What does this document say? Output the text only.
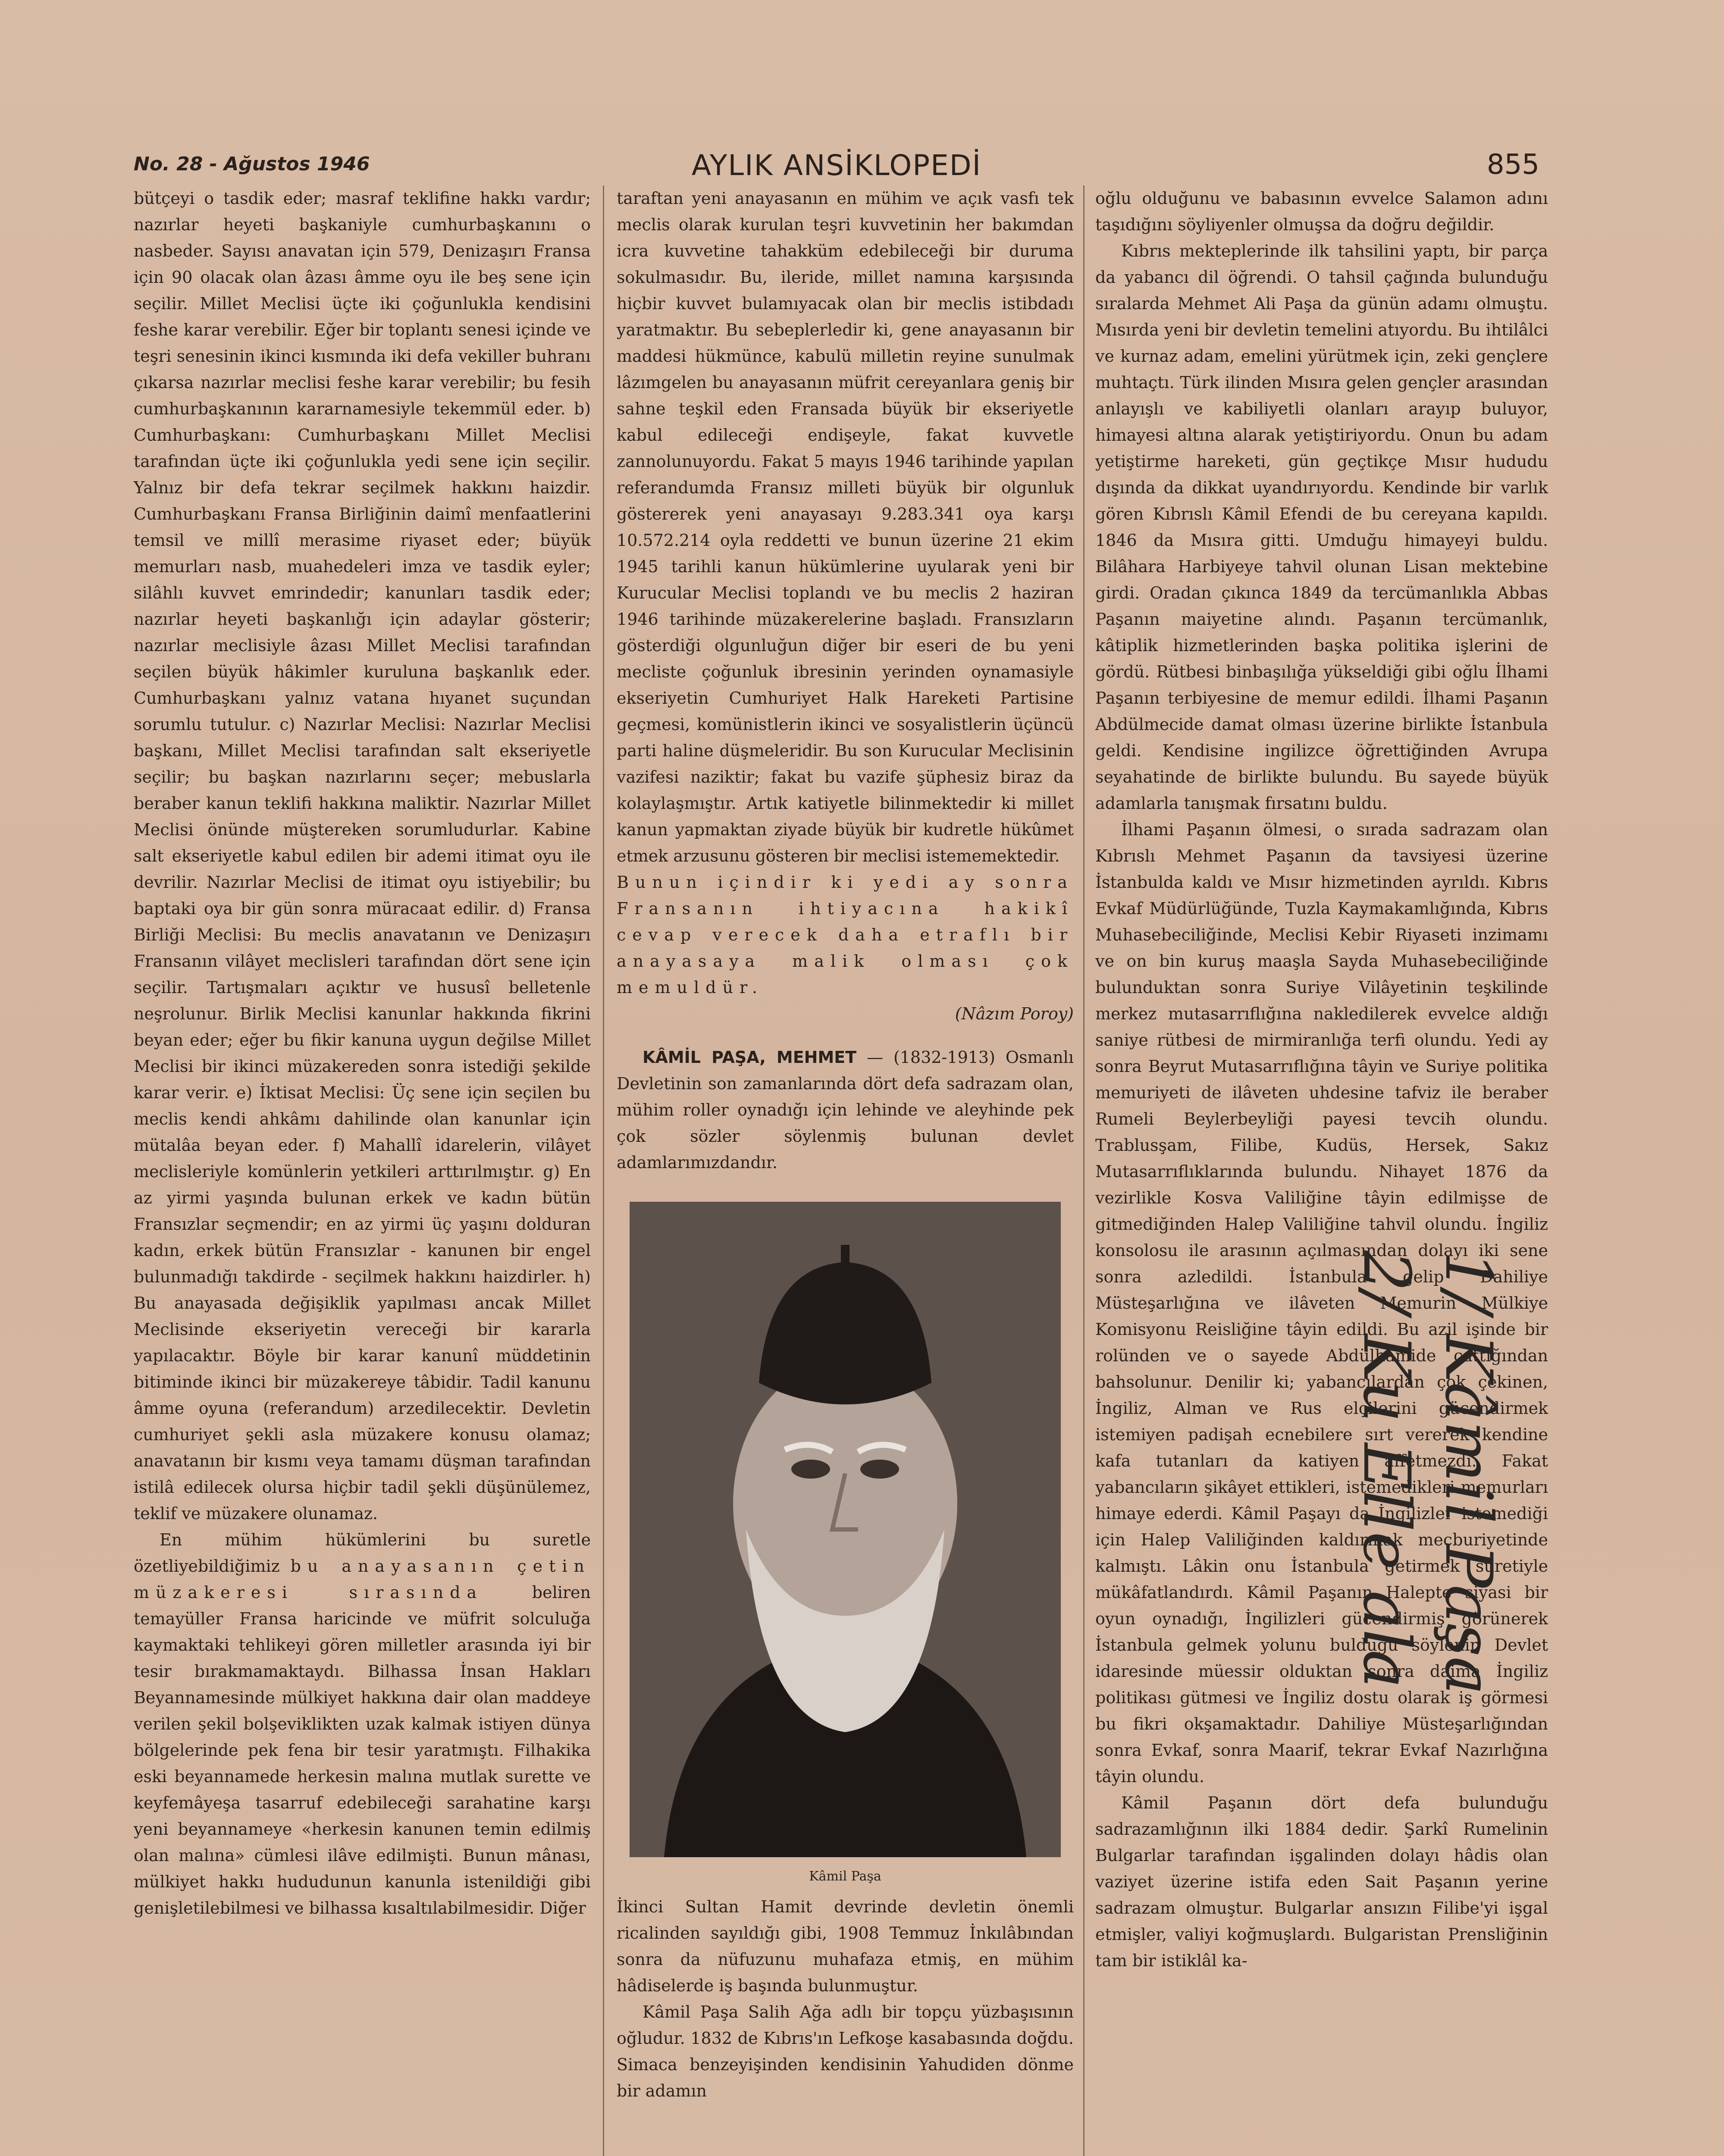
No. 28 - Ağustos 1946	AYLIK ANSİKLOPEDİ	855

bütçeyi o tasdik eder; masraf teklifine hakkı vardır; nazırlar heyeti başkaniyle cumhurbaşkanını o nasbeder. Sayısı anavatan için 579, Denizaşırı Fransa için 90 olacak olan âzası âmme oyu ile beş sene için seçilir. Millet Meclisi üçte iki çoğunlukla kendisini feshe karar verebilir. Eğer bir toplantı senesi içinde ve teşri senesinin ikinci kısmında iki defa vekiller buhranı çıkarsa nazırlar meclisi feshe karar verebilir; bu fesih cumhurbaşkanının kararnamesiyle tekemmül eder. b) Cumhurbaşkanı: Cumhurbaşkanı Millet Meclisi tarafından üçte iki çoğunlukla yedi sene için seçilir. Yalnız bir defa tekrar seçilmek hakkını haizdir. Cumhurbaşkanı Fransa Birliğinin daimî menfaatlerini temsil ve millî merasime riyaset eder; büyük memurları nasb, muahedeleri imza ve tasdik eyler; silâhlı kuvvet emrindedir; kanunları tasdik eder; nazırlar heyeti başkanlığı için adaylar gösterir; nazırlar meclisiyle âzası Millet Meclisi tarafından seçilen büyük hâkimler kuruluna başkanlık eder. Cumhurbaşkanı yalnız vatana hıyanet suçundan sorumlu tutulur. c) Nazırlar Meclisi: Nazırlar Meclisi başkanı, Millet Meclisi tarafından salt ekseriyetle seçilir; bu başkan nazırlarını seçer; mebuslarla beraber kanun teklifi hakkına maliktir. Nazırlar Millet Meclisi önünde müştereken sorumludurlar. Kabine salt ekseriyetle kabul edilen bir ademi itimat oyu ile devrilir. Nazırlar Meclisi de itimat oyu istiyebilir; bu baptaki oya bir gün sonra müracaat edilir. d) Fransa Birliği Meclisi: Bu meclis anavatanın ve Denizaşırı Fransanın vilâyet meclisleri tarafından dört sene için seçilir. Tartışmaları açıktır ve hususî belletenle neşrolunur. Birlik Meclisi kanunlar hakkında fikrini beyan eder; eğer bu fikir kanuna uygun değilse Millet Meclisi bir ikinci müzakereden sonra istediği şekilde karar verir. e) İktisat Meclisi: Üç sene için seçilen bu meclis kendi ahkâmı dahilinde olan kanunlar için mütalâa beyan eder. f) Mahallî idarelerin, vilâyet meclisleriyle komünlerin yetkileri arttırılmıştır. g) En az yirmi yaşında bulunan erkek ve kadın bütün Fransızlar seçmendir; en az yirmi üç yaşını dolduran kadın, erkek bütün Fransızlar - kanunen bir engel bulunmadığı takdirde - seçilmek hakkını haizdirler. h) Bu anayasada değişiklik yapılması ancak Millet Meclisinde ekseriyetin vereceği bir kararla yapılacaktır. Böyle bir karar kanunî müddetinin bitiminde ikinci bir müzakereye tâbidir. Tadil kanunu âmme oyuna (referandum) arzedilecektir. Devletin cumhuriyet şekli asla müzakere konusu olamaz; anavatanın bir kısmı veya tamamı düşman tarafından istilâ edilecek olursa hiçbir tadil şekli düşünülemez, teklif ve müzakere olunamaz.

En mühim hükümlerini bu suretle özetliyebildiğimiz bu anayasanın çetin müzakeresi sırasında	beliren temayüller Fransa haricinde ve müfrit solculuğa kaymaktaki tehlikeyi gören milletler arasında iyi bir tesir bırakmamaktaydı. Bilhassa İnsan Hakları Beyannamesinde mülkiyet hakkına dair olan maddeye verilen şekil bolşeviklikten uzak kalmak istiyen dünya bölgelerinde pek fena bir tesir yaratmıştı. Filhakika eski beyannamede herkesin malına mutlak surette ve keyfemâyeşa tasarruf edebileceği sarahatine karşı yeni beyannameye «herkesin kanunen temin edilmiş olan malına» cümlesi ilâve edilmişti. Bunun mânası, mülkiyet hakkı hududunun kanunla istenildiği gibi genişletilebilmesi ve bilhassa kısaltılabilmesidir. Diğer

taraftan yeni anayasanın en mühim ve açık vasfı tek meclis olarak kurulan teşri kuvvetinin her bakımdan icra kuvvetine tahakküm edebileceği bir duruma sokulmasıdır. Bu, ileride, millet namına karşısında hiçbir kuvvet bulamıyacak olan bir meclis istibdadı yaratmaktır. Bu sebeplerledir ki, gene anayasanın bir maddesi hükmünce, kabulü milletin reyine sunulmak lâzımgelen bu anayasanın müfrit cereyanlara geniş bir sahne teşkil eden Fransada büyük bir ekseriyetle kabul edileceği endişeyle, fakat kuvvetle zannolunuyordu. Fakat 5 mayıs 1946 tarihinde yapılan referandumda Fransız milleti büyük bir olgunluk göstererek yeni anayasayı 9.283.341 oya karşı 10.572.214 oyla reddetti ve bunun üzerine 21 ekim 1945 tarihli kanun hükümlerine uyularak yeni bir Kurucular Meclisi toplandı ve bu meclis 2 haziran 1946 tarihinde müzakerelerine başladı. Fransızların gösterdiği olgunluğun diğer bir eseri de bu yeni mecliste çoğunluk ibresinin yerinden oynamasiyle ekseriyetin Cumhuriyet Halk Hareketi Partisine geçmesi, komünistlerin ikinci ve sosyalistlerin üçüncü parti haline düşmeleridir. Bu son Kurucular Meclisinin vazifesi naziktir; fakat bu vazife şüphesiz biraz da kolaylaşmıştır. Artık katiyetle bilinmektedir ki millet kanun yapmaktan ziyade büyük bir kudretle hükûmet etmek arzusunu gösteren bir meclisi istememektedir.

Bunun içindir ki yedi ay sonra Fransanın ihtiyacına hakikî cevap verecek daha etraflı bir anayasaya malik olması çok memuldür.

(Nâzım Poroy)

KÂMİL PAŞA, MEHMET — (1832-1913) Osmanlı Devletinin son zamanlarında dört defa sadrazam olan, mühim roller oynadığı için lehinde ve aleyhinde pek çok sözler söylenmiş bulunan devlet adamlarımızdandır.

Kâmil Paşa

İkinci Sultan Hamit devrinde devletin önemli ricalinden sayıldığı gibi, 1908 Temmuz İnkılâbından sonra da nüfuzunu muhafaza etmiş, en mühim hâdiselerde iş başında bulunmuştur.

Kâmil Paşa Salih Ağa adlı bir topçu yüzbaşısının oğludur. 1832 de Kıbrıs'ın Lefkoşe kasabasında doğdu. Simaca benzeyişinden kendisinin Yahudiden dönme bir adamın

oğlu olduğunu ve babasının evvelce Salamon adını taşıdığını söyliyenler olmuşsa da doğru değildir.

Kıbrıs mekteplerinde ilk tahsilini yaptı, bir parça da yabancı dil öğrendi. O tahsil çağında bulunduğu sıralarda Mehmet Ali Paşa da günün adamı olmuştu. Mısırda yeni bir devletin temelini atıyordu. Bu ihtilâlci ve kurnaz adam, emelini yürütmek için, zeki gençlere muhtaçtı. Türk ilinden Mısıra gelen gençler arasından anlayışlı ve kabiliyetli olanları arayıp buluyor, himayesi altına alarak yetiştiriyordu. Onun bu adam yetiştirme hareketi, gün geçtikçe Mısır hududu dışında da dikkat uyandırıyordu. Kendinde bir varlık gören Kıbrıslı Kâmil Efendi de bu cereyana kapıldı. 1846 da Mısıra gitti. Umduğu himayeyi buldu. Bilâhara Harbiyeye tahvil olunan Lisan mektebine girdi. Oradan çıkınca 1849 da tercümanlıkla Abbas Paşanın maiyetine alındı. Paşanın tercümanlık, kâtiplik hizmetlerinden başka politika işlerini de gördü. Rütbesi binbaşılığa yükseldiği gibi oğlu İlhami Paşanın terbiyesine de memur edildi. İlhami Paşanın Abdülmecide damat olması üzerine birlikte İstanbula geldi. Kendisine ingilizce öğrettiğinden Avrupa seyahatinde de birlikte bulundu. Bu sayede büyük adamlarla tanışmak fırsatını buldu.

İlhami Paşanın ölmesi, o sırada sadrazam olan Kıbrıslı Mehmet Paşanın da tavsiyesi üzerine İstanbulda kaldı ve Mısır hizmetinden ayrıldı. Kıbrıs Evkaf Müdürlüğünde, Tuzla Kaymakamlığında, Kıbrıs Muhasebeciliğinde, Meclisi Kebir Riyaseti inzimamı ve on bin kuruş maaşla Sayda Muhasebeciliğinde bulunduktan sonra Suriye Vilâyetinin teşkilinde merkez mutasarrıflığına nakledilerek evvelce aldığı saniye rütbesi de mirmiranlığa terfi olundu. Yedi ay sonra Beyrut Mutasarrıflığına tâyin ve Suriye politika memuriyeti de ilâveten uhdesine tafviz ile beraber Rumeli Beylerbeyliği payesi tevcih olundu. Trablusşam, Filibe, Kudüs, Hersek, Sakız Mutasarrıflıklarında bulundu. Nihayet 1876 da vezirlikle Kosva Valiliğine tâyin edilmişse de gitmediğinden Halep Valiliğine tahvil olundu. İngiliz konsolosu ile arasının açılmasından dolayı iki sene sonra azledildi. İstanbula gelip Dahiliye Müsteşarlığına ve ilâveten Memurin Mülkiye Komisyonu Reisliğine tâyin edildi. Bu azil işinde bir rolünden ve o sayede Abdülhamide çattığından bahsolunur. Denilir ki; yabancılardan çok çekinen, İngiliz, Alman ve Rus elçilerini gücendirmek istemiyen padişah ecnebilere sırt vererek kendine kafa tutanları da katiyen affetmezdi. Fakat yabancıların şikâyet ettikleri, istemedikleri memurları himaye ederdi. Kâmil Paşayı da İngilizler istemediği için Halep Valiliğinden kaldırmak mecburiyetinde kalmıştı. Lâkin onu İstanbula getirmek suretiyle mükâfatlandırdı. Kâmil Paşanın Halepte siyasi bir oyun oynadığı, İngilizleri gücendirmiş görünerek İstanbula gelmek yolunu bulduğu söylenir. Devlet idaresinde müessir olduktan sonra daima İngiliz politikası gütmesi ve İngiliz dostu olarak iş görmesi bu fikri okşamaktadır. Dahiliye Müsteşarlığından sonra Evkaf, sonra Maarif, tekrar Evkaf Nazırlığına tâyin olundu.

Kâmil Paşanın dört defa bulunduğu sadrazamlığının ilki 1884 dedir. Şarkî Rumelinin Bulgarlar tarafından işgalinden dolayı hâdis olan vaziyet üzerine istifa eden Sait Paşanın yerine sadrazam olmuştur. Bulgarlar ansızın Filibe'yi işgal etmişler, valiyi koğmuşlardı. Bulgaristan Prensliğinin tam bir istiklâl ka-

1/ Kâmil Paşa
2/ Ku Elle ala
